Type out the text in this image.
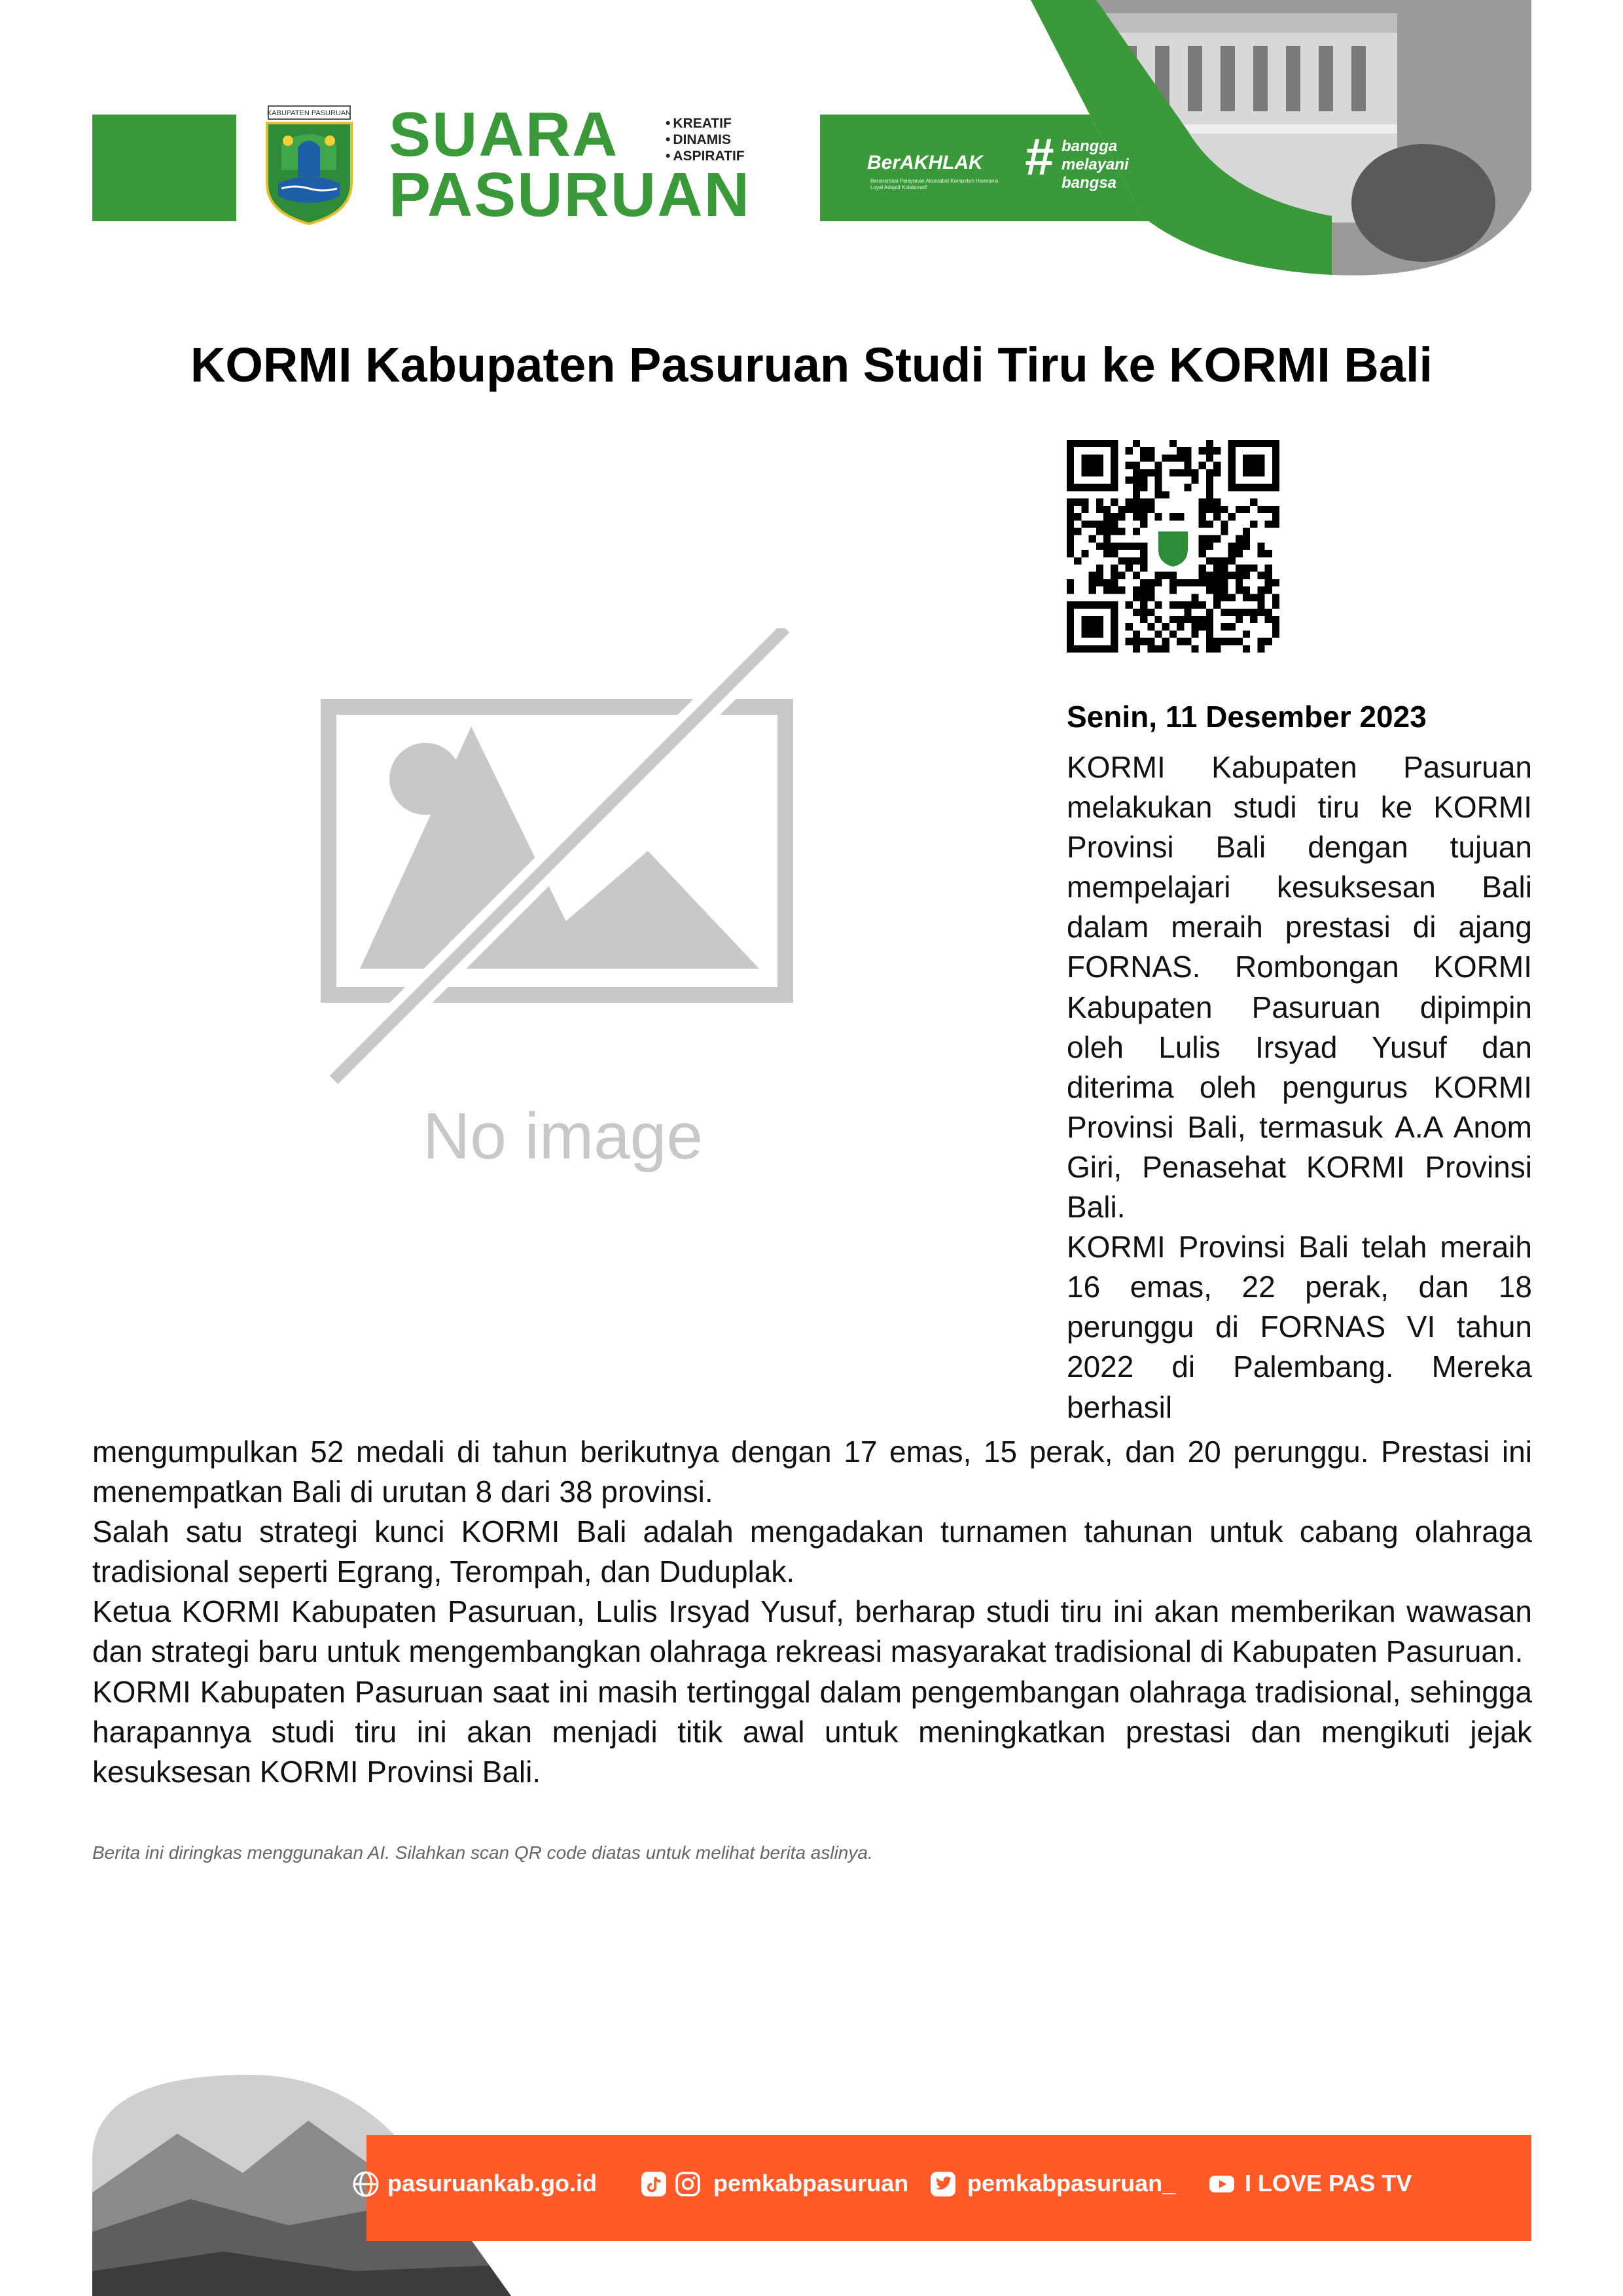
KABUPATEN PASURUAN SUARA
PASURUAN
• KREATIF
• DINAMIS
• ASPIRATIF	BerAKHLAK
Berorientasi Pelayanan Akuntabel Kompeten Harmonis Loyal Adaptif Kolaboratif
# bangga
melayani
bangsa
KORMI Kabupaten Pasuruan Studi Tiru ke KORMI Bali
No image
Senin, 11 Desember 2023

KORMI Kabupaten Pasuruan melakukan studi tiru ke KORMI Provinsi Bali dengan tujuan mempelajari kesuksesan Bali dalam meraih prestasi di ajang FORNAS. Rombongan KORMI Kabupaten Pasuruan dipimpin oleh Lulis Irsyad Yusuf dan diterima oleh pengurus KORMI Provinsi Bali, termasuk A.A Anom Giri, Penasehat KORMI Provinsi Bali.

KORMI Provinsi Bali telah meraih 16 emas, 22 perak, dan 18 perunggu di FORNAS VI tahun 2022 di Palembang. Mereka berhasil

mengumpulkan 52 medali di tahun berikutnya dengan 17 emas, 15 perak, dan 20 perunggu. Prestasi ini menempatkan Bali di urutan 8 dari 38 provinsi.

Salah satu strategi kunci KORMI Bali adalah mengadakan turnamen tahunan untuk cabang olahraga tradisional seperti Egrang, Terompah, dan Duduplak.

Ketua KORMI Kabupaten Pasuruan, Lulis Irsyad Yusuf, berharap studi tiru ini akan memberikan wawasan dan strategi baru untuk mengembangkan olahraga rekreasi masyarakat tradisional di Kabupaten Pasuruan.

KORMI Kabupaten Pasuruan saat ini masih tertinggal dalam pengembangan olahraga tradisional, sehingga harapannya studi tiru ini akan menjadi titik awal untuk meningkatkan prestasi dan mengikuti jejak kesuksesan KORMI Provinsi Bali.

Berita ini diringkas menggunakan AI. Silahkan scan QR code diatas untuk melihat berita aslinya.
pasuruankab.go.id	pemkabpasuruan pemkabpasuruan_	I LOVE PAS TV
